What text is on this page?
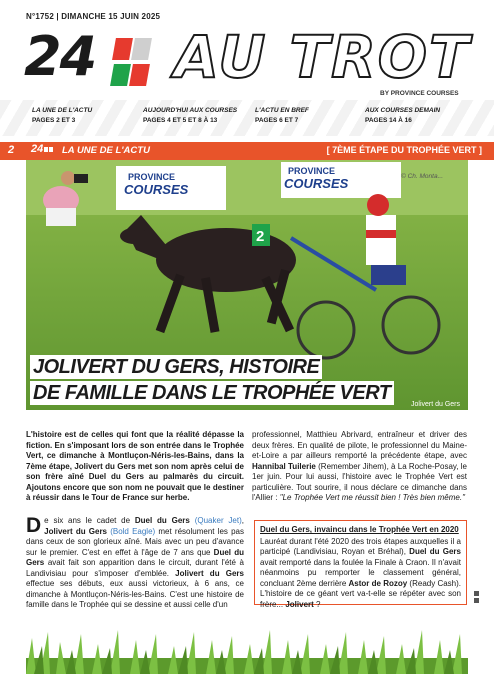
N°1752 | DIMANCHE 15 JUIN 2025
24 AU TROT
BY PROVINCE COURSES
LA UNE DE L'ACTU
PAGES 2 ET 3
AUJOURD'HUI AUX COURSES
PAGES 4 ET 5 ET 8 À 13
L'ACTU EN BREF
PAGES 6 ET 7
AUX COURSES DEMAIN
PAGES 14 À 16
2 24	LA UNE DE L'ACTU	[ 7ÈME ÉTAPE DU TROPHÉE VERT ]
PROVINCE
COURSES
PROVINCE
COURSES
2
© Ch. Monta...
Jolivert du Gers
JOLIVERT DU GERS, HISTOIRE
DE FAMILLE DANS LE TROPHÉE VERT
L'histoire est de celles qui font que la réalité dépasse la fiction. En s'imposant lors de son entrée dans le Trophée Vert, ce dimanche à Montluçon-Néris-les-Bains, dans la 7ème étape, Jolivert du Gers met son nom après celui de son frère aîné Duel du Gers au palmarès du circuit. Ajoutons encore que son nom ne pouvait que le destiner à réussir dans le Tour de France sur herbe.
De six ans le cadet de Duel du Gers (Quaker Jet), Jolivert du Gers (Bold Eagle) met résolument les pas dans ceux de son glorieux aîné. Mais avec un peu d'avance sur le premier. C'est en effet à l'âge de 7 ans que Duel du Gers avait fait son apparition dans le circuit, durant l'été à Landivisiau pour s'imposer d'emblée. Jolivert du Gers effectue ses débuts, eux aussi victorieux, à 6 ans, ce dimanche à Montluçon-Néris-les-Bains. C'est une histoire de famille dans le Trophée qui se dessine et aussi celle d'un
professionnel, Matthieu Abrivard, entraîneur et driver des deux frères. En qualité de pilote, le professionnel du Maine-et-Loire a par ailleurs remporté la précédente étape, avec Hannibal Tuilerie (Remember Jihem), à La Roche-Posay, le 1er juin. Pour lui aussi, l'histoire avec le Trophée Vert est particulière. Tout sourire, il nous déclare ce dimanche dans l'Allier : "Le Trophée Vert me réussit bien ! Très bien même."
Duel du Gers, invaincu dans le Trophée Vert en 2020
Lauréat durant l'été 2020 des trois étapes auxquelles il a participé (Landivisiau, Royan et Bréhal), Duel du Gers avait remporté dans la foulée la Finale à Craon. Il n'avait néanmoins pu remporter le classement général, concluant 2ème derrière Astor de Rozoy (Ready Cash). L'histoire de ce géant vert va-t-elle se répéter avec son frère... Jolivert ?
